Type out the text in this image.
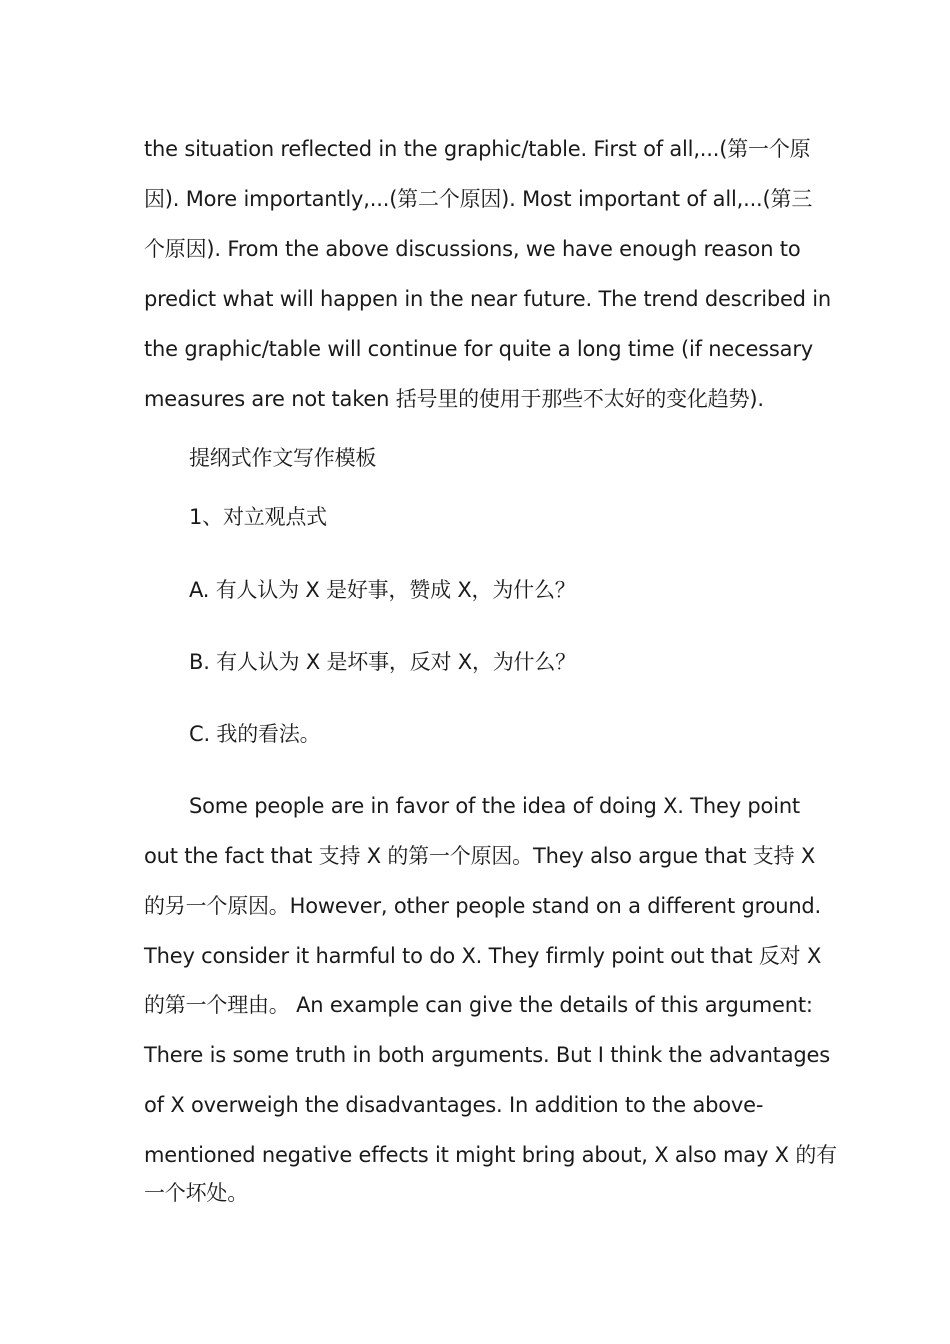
the situation reflected in the graphic/table. First of all,...(第一个原
因). More importantly,...(第二个原因). Most important of all,...(第三
个原因). From the above discussions, we have enough reason to
predict what will happen in the near future. The trend described in
the graphic/table will continue for quite a long time (if necessary
measures are not taken 括号里的使用于那些不太好的变化趋势).
提纲式作文写作模板
1、对立观点式
A. 有人认为 X 是好事，赞成 X，为什么？
B. 有人认为 X 是坏事，反对 X，为什么？
C. 我的看法。
Some people are in favor of the idea of doing X. They point
out the fact that 支持 X 的第一个原因。They also argue that 支持 X
的另一个原因。However, other people stand on a different ground.
They consider it harmful to do X. They firmly point out that 反对 X
的第一个理由。 An example can give the details of this argument:
There is some truth in both arguments. But I think the advantages
of X overweigh the disadvantages. In addition to the above-
mentioned negative effects it might bring about, X also may X 的有
一个坏处。
